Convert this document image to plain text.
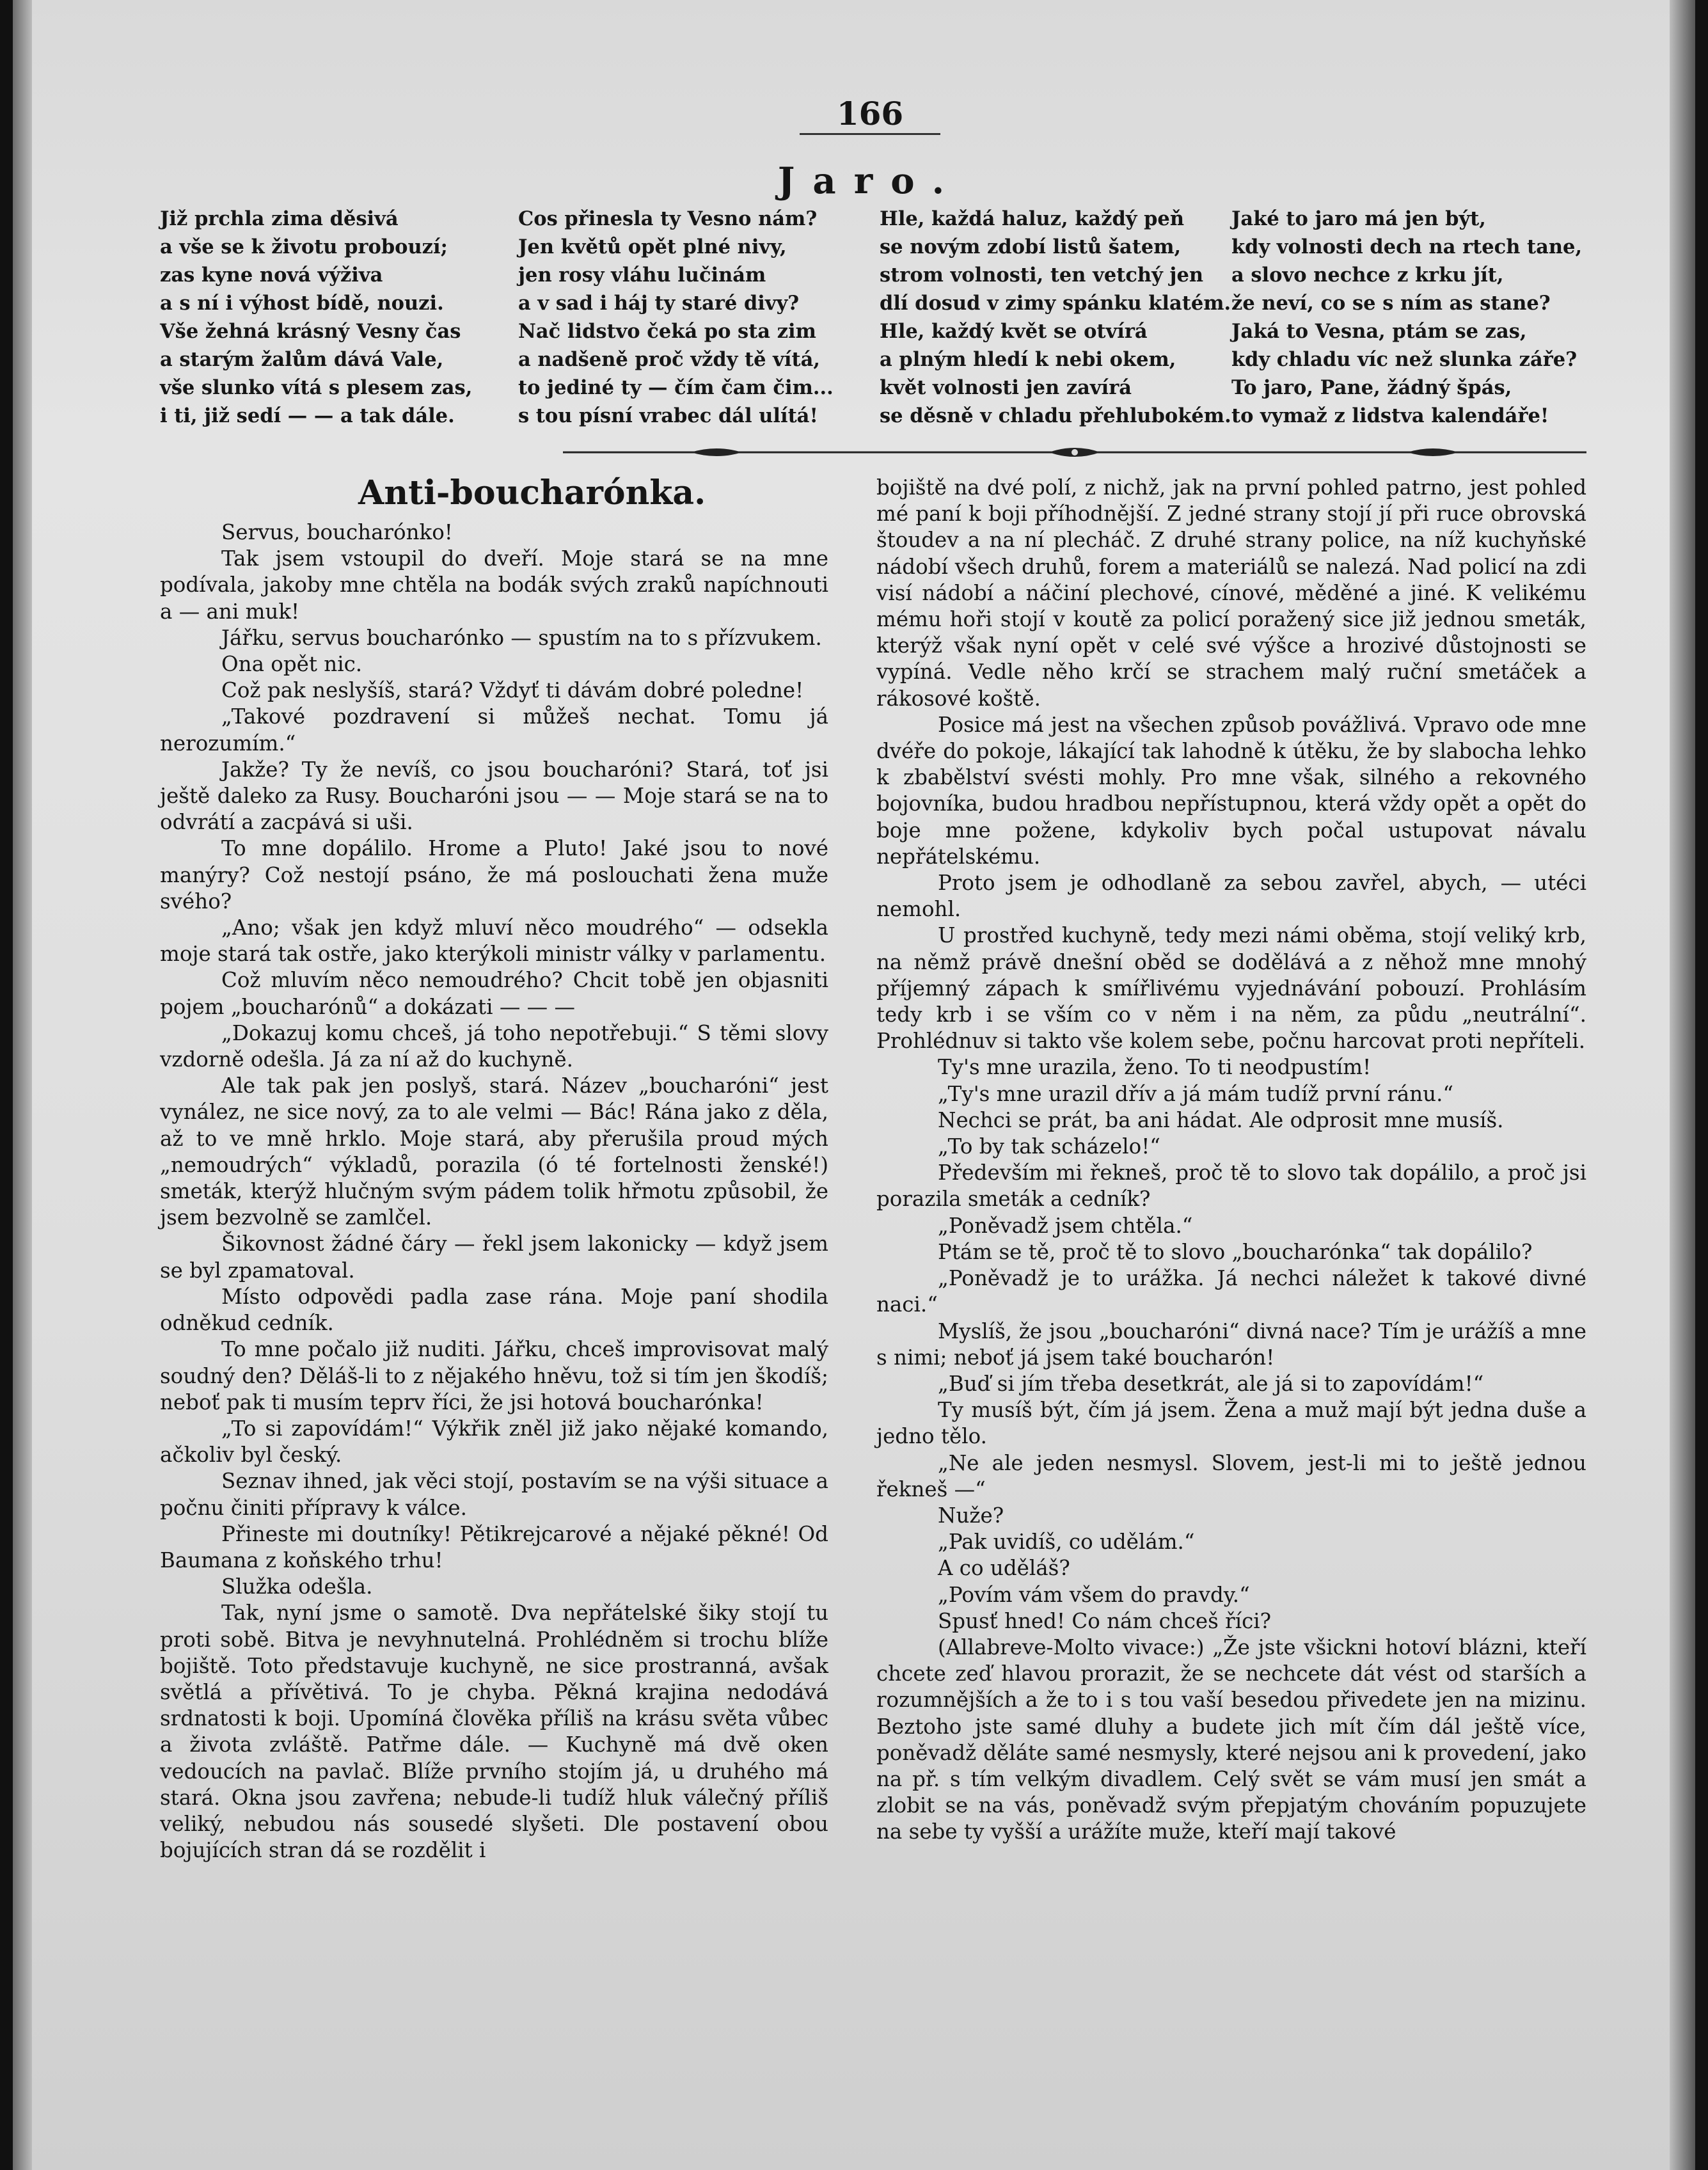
166
Jaro.
Již prchla zima děsivá
a vše se k životu probouzí;
zas kyne nová výživa
a s ní i výhost bídě, nouzi.
Vše žehná krásný Vesny čas
a starým žalům dává Vale,
vše slunko vítá s plesem zas,
i ti, již sedí — — a tak dále.
Cos přinesla ty Vesno nám?
Jen květů opět plné nivy,
jen rosy vláhu lučinám
a v sad i háj ty staré divy?
Nač lidstvo čeká po sta zim
a nadšeně proč vždy tě vítá,
to jediné ty — čím čam čim...
s tou písní vrabec dál ulítá!
Hle, každá haluz, každý peň
se novým zdobí listů šatem,
strom volnosti, ten vetchý jen
dlí dosud v zimy spánku klatém.
Hle, každý květ se otvírá
a plným hledí k nebi okem,
květ volnosti jen zavírá
se děsně v chladu přehlubokém.
Jaké to jaro má jen být,
kdy volnosti dech na rtech tane,
a slovo nechce z krku jít,
že neví, co se s ním as stane?
Jaká to Vesna, ptám se zas,
kdy chladu víc než slunka záře?
To jaro, Pane, žádný špás,
to vymaž z lidstva kalendáře!
Anti-boucharónka.

Servus, boucharónko!

Tak jsem vstoupil do dveří. Moje stará se na mne podívala, jakoby mne chtěla na bodák svých zraků napíchnouti a — ani muk!

Jářku, servus boucharónko — spustím na to s přízvukem.

Ona opět nic.

Což pak neslyšíš, stará? Vždyť ti dávám dobré poledne!

„Takové pozdravení si můžeš nechat. Tomu já nerozumím.“

Jakže? Ty že nevíš, co jsou boucharóni? Stará, toť jsi ještě daleko za Rusy. Boucharóni jsou — — Moje stará se na to odvrátí a zacpává si uši.

To mne dopálilo. Hrome a Pluto! Jaké jsou to nové manýry? Což nestojí psáno, že má poslouchati žena muže svého?

„Ano; však jen když mluví něco moudrého“ — odsekla moje stará tak ostře, jako kterýkoli ministr války v parlamentu.

Což mluvím něco nemoudrého? Chcit tobě jen objasniti pojem „boucharónů“ a dokázati — — —

„Dokazuj komu chceš, já toho nepotřebuji.“ S těmi slovy vzdorně odešla. Já za ní až do kuchyně.

Ale tak pak jen poslyš, stará. Název „boucharóni“ jest vynález, ne sice nový, za to ale velmi — Bác! Rána jako z děla, až to ve mně hrklo. Moje stará, aby přerušila proud mých „nemoudrých“ výkladů, porazila (ó té fortelnosti ženské!) smeták, kterýž hlučným svým pádem tolik hřmotu způsobil, že jsem bezvolně se zamlčel.

Šikovnost žádné čáry — řekl jsem lakonicky — když jsem se byl zpamatoval.

Místo odpovědi padla zase rána. Moje paní shodila odněkud cedník.

To mne počalo již nuditi. Jářku, chceš improvisovat malý soudný den? Děláš-li to z nějakého hněvu, tož si tím jen škodíš; neboť pak ti musím teprv říci, že jsi hotová boucharónka!

„To si zapovídám!“ Výkřik zněl již jako nějaké komando, ačkoliv byl český.

Seznav ihned, jak věci stojí, postavím se na výši situace a počnu činiti přípravy k válce.

Přineste mi doutníky! Pětikrejcarové a nějaké pěkné! Od Baumana z koňského trhu!

Služka odešla.

Tak, nyní jsme o samotě. Dva nepřátelské šiky stojí tu proti sobě. Bitva je nevyhnutelná. Prohlédněm si trochu blíže bojiště. Toto představuje kuchyně, ne sice prostranná, avšak světlá a přívětivá. To je chyba. Pěkná krajina nedodává srdnatosti k boji. Upomíná člověka příliš na krásu světa vůbec a života zvláště. Patřme dále. — Kuchyně má dvě oken vedoucích na pavlač. Blíže prvního stojím já, u druhého má stará. Okna jsou zavřena; nebude-li tudíž hluk válečný příliš veliký, nebudou nás sousedé slyšeti. Dle postavení obou bojujících stran dá se rozdělit i

bojiště na dvé polí, z nichž, jak na první pohled patrno, jest pohled mé paní k boji příhodnější. Z jedné strany stojí jí při ruce obrovská štoudev a na ní plecháč. Z druhé strany police, na níž kuchyňské nádobí všech druhů, forem a materiálů se nalezá. Nad policí na zdi visí nádobí a náčiní plechové, cínové, měděné a jiné. K velikému mému hoři stojí v koutě za policí poražený sice již jednou smeták, kterýž však nyní opět v celé své výšce a hrozivé důstojnosti se vypíná. Vedle něho krčí se strachem malý ruční smetáček a rákosové koště.

Posice má jest na všechen způsob povážlivá. Vpravo ode mne dvéře do pokoje, lákající tak lahodně k útěku, že by slabocha lehko k zbabělství svésti mohly. Pro mne však, silného a rekovného bojovníka, budou hradbou nepřístupnou, která vždy opět a opět do boje mne požene, kdykoliv bych počal ustupovat návalu nepřátelskému.

Proto jsem je odhodlaně za sebou zavřel, abych, — utéci nemohl.

U prostřed kuchyně, tedy mezi námi oběma, stojí veliký krb, na němž právě dnešní oběd se dodělává a z něhož mne mnohý příjemný zápach k smířlivému vyjednávání pobouzí. Prohlásím tedy krb i se vším co v něm i na něm, za půdu „neutrální“. Prohlédnuv si takto vše kolem sebe, počnu harcovat proti nepříteli.

Ty's mne urazila, ženo. To ti neodpustím!

„Ty's mne urazil dřív a já mám tudíž první ránu.“

Nechci se prát, ba ani hádat. Ale odprosit mne musíš.

„To by tak scházelo!“

Především mi řekneš, proč tě to slovo tak dopálilo, a proč jsi porazila smeták a cedník?

„Poněvadž jsem chtěla.“

Ptám se tě, proč tě to slovo „boucharónka“ tak dopálilo?

„Poněvadž je to urážka. Já nechci náležet k takové divné naci.“

Myslíš, že jsou „boucharóni“ divná nace? Tím je urážíš a mne s nimi; neboť já jsem také boucharón!

„Buď si jím třeba desetkrát, ale já si to zapovídám!“

Ty musíš být, čím já jsem. Žena a muž mají být jedna duše a jedno tělo.

„Ne ale jeden nesmysl. Slovem, jest-li mi to ještě jednou řekneš —“

Nuže?

„Pak uvidíš, co udělám.“

A co uděláš?

„Povím vám všem do pravdy.“

Spusť hned! Co nám chceš říci?

(Allabreve-Molto vivace:) „Že jste všickni hotoví blázni, kteří chcete zeď hlavou prorazit, že se nechcete dát vést od starších a rozumnějších a že to i s tou vaší besedou přivedete jen na mizinu. Beztoho jste samé dluhy a budete jich mít čím dál ještě více, poněvadž děláte samé nesmysly, které nejsou ani k provedení, jako na př. s tím velkým divadlem. Celý svět se vám musí jen smát a zlobit se na vás, poněvadž svým přepjatým chováním popuzujete na sebe ty vyšší a urážíte muže, kteří mají takové
